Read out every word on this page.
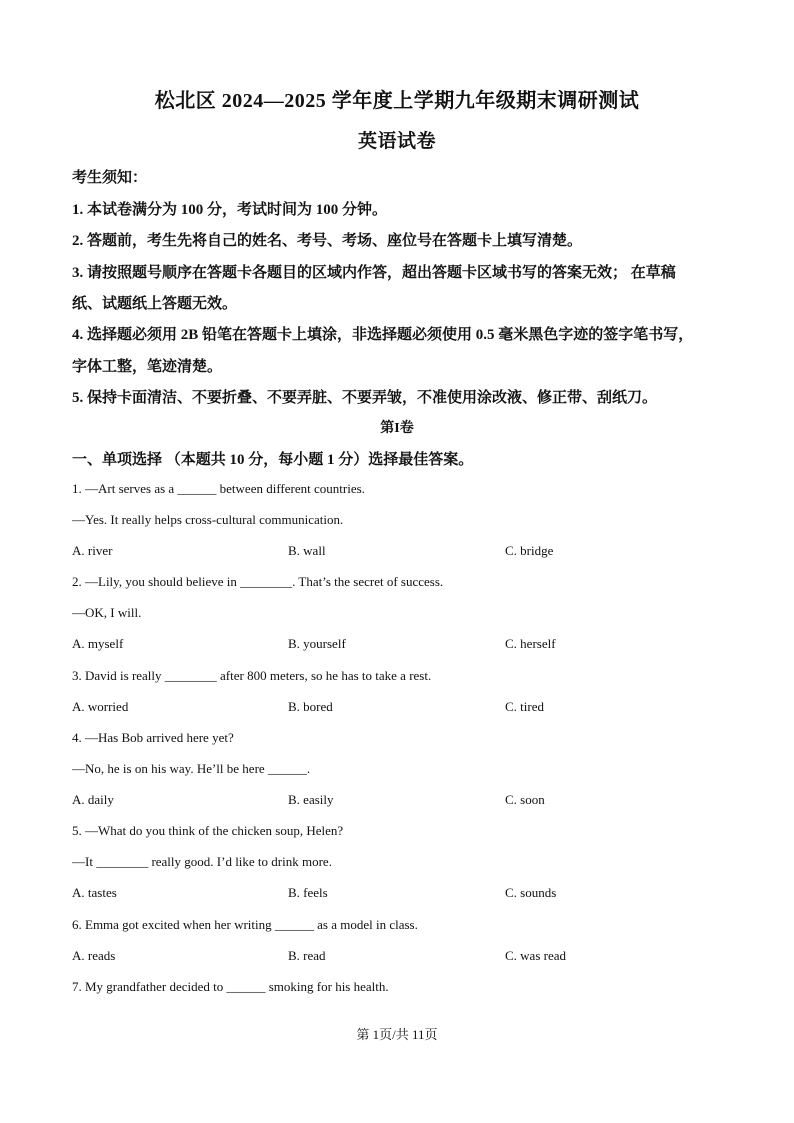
松北区 2024—2025 学年度上学期九年级期末调研测试
英语试卷
考生须知：
1. 本试卷满分为 100 分，考试时间为 100 分钟。
2. 答题前，考生先将自己的姓名、考号、考场、座位号在答题卡上填写清楚。
3. 请按照题号顺序在答题卡各题目的区域内作答，超出答题卡区域书写的答案无效； 在草稿
纸、试题纸上答题无效。
4. 选择题必须用 2B 铅笔在答题卡上填涂，非选择题必须使用 0.5 毫米黑色字迹的签字笔书写，
字体工整，笔迹清楚。
5. 保持卡面清洁、不要折叠、不要弄脏、不要弄皱，不准使用涂改液、修正带、刮纸刀。
第I卷
一、单项选择 （本题共 10 分，每小题 1 分）选择最佳答案。
1. —Art serves as a ______ between different countries.
—Yes. It really helps cross-cultural communication.
A. river	B. wall	C. bridge
2. —Lily, you should believe in ________. That’s the secret of success.
—OK, I will.
A. myself	B. yourself	C. herself
3. David is really ________ after 800 meters, so he has to take a rest.
A. worried	B. bored	C. tired
4. —Has Bob arrived here yet?
—No, he is on his way. He’ll be here ______.
A. daily	B. easily	C. soon
5. —What do you think of the chicken soup, Helen?
—It ________ really good. I’d like to drink more.
A. tastes	B. feels	C. sounds
6. Emma got excited when her writing ______ as a model in class.
A. reads	B. read	C. was read
7. My grandfather decided to ______ smoking for his health.
第 1页/共 11页
